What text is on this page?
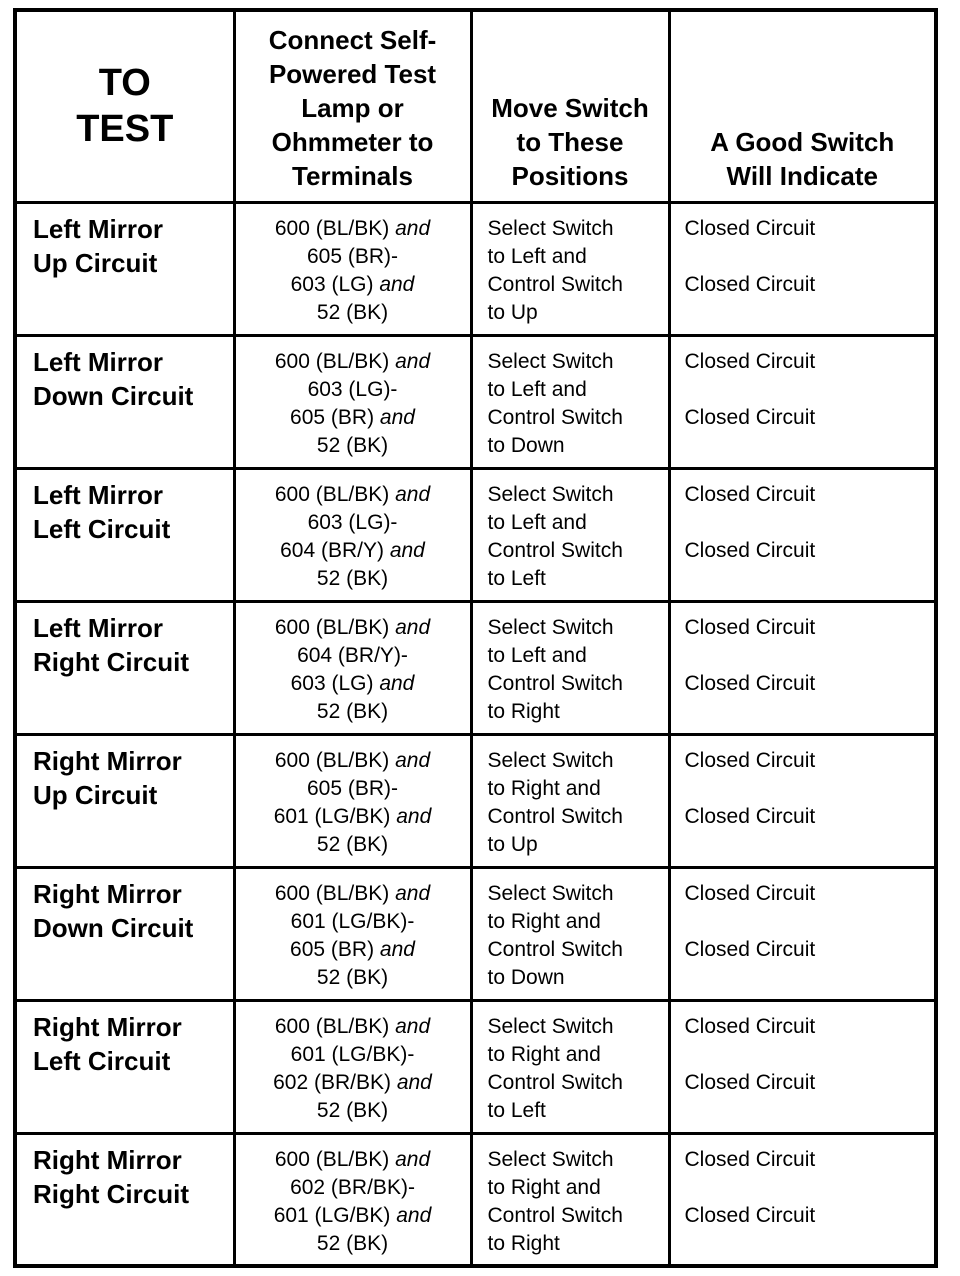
TO
TEST	Connect Self-
Powered Test
Lamp or
Ohmmeter to
Terminals	Move Switch
to These
Positions	A Good Switch
Will Indicate

Left Mirror
Up Circuit	600 (BL/BK) and
605 (BR)-
603 (LG) and
52 (BK)	Select Switch
to Left and
Control Switch
to Up	Closed Circuit
Closed Circuit

Left Mirror
Down Circuit	600 (BL/BK) and
603 (LG)-
605 (BR) and
52 (BK)	Select Switch
to Left and
Control Switch
to Down	Closed Circuit
Closed Circuit

Left Mirror
Left Circuit	600 (BL/BK) and
603 (LG)-
604 (BR/Y) and
52 (BK)	Select Switch
to Left and
Control Switch
to Left	Closed Circuit
Closed Circuit

Left Mirror
Right Circuit	600 (BL/BK) and
604 (BR/Y)-
603 (LG) and
52 (BK)	Select Switch
to Left and
Control Switch
to Right	Closed Circuit
Closed Circuit

Right Mirror
Up Circuit	600 (BL/BK) and
605 (BR)-
601 (LG/BK) and
52 (BK)	Select Switch
to Right and
Control Switch
to Up	Closed Circuit
Closed Circuit

Right Mirror
Down Circuit	600 (BL/BK) and
601 (LG/BK)-
605 (BR) and
52 (BK)	Select Switch
to Right and
Control Switch
to Down	Closed Circuit
Closed Circuit

Right Mirror
Left Circuit	600 (BL/BK) and
601 (LG/BK)-
602 (BR/BK) and
52 (BK)	Select Switch
to Right and
Control Switch
to Left	Closed Circuit
Closed Circuit

Right Mirror
Right Circuit	600 (BL/BK) and
602 (BR/BK)-
601 (LG/BK) and
52 (BK)	Select Switch
to Right and
Control Switch
to Right	Closed Circuit
Closed Circuit
